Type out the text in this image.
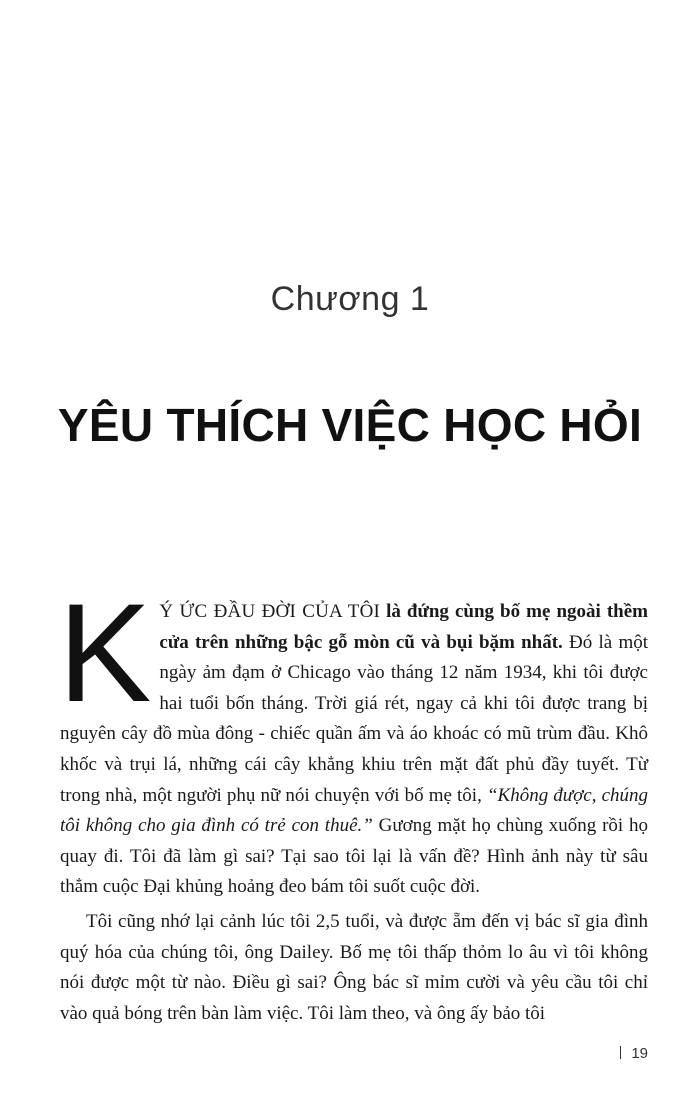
Chương 1
YÊU THÍCH VIỆC HỌC HỎI

K Ý ỨC ĐẦU ĐỜI CỦA TÔI là đứng cùng bố mẹ ngoài thềm cửa trên những bậc gỗ mòn cũ và bụi bặm nhất. Đó là một ngày ảm đạm ở Chicago vào tháng 12 năm 1934, khi tôi được hai tuổi bốn tháng. Trời giá rét, ngay cả khi tôi được trang bị nguyên cây đồ mùa đông - chiếc quần ấm và áo khoác có mũ trùm đầu. Khô khốc và trụi lá, những cái cây khẳng khiu trên mặt đất phủ đầy tuyết. Từ trong nhà, một người phụ nữ nói chuyện với bố mẹ tôi, “Không được, chúng tôi không cho gia đình có trẻ con thuê.” Gương mặt họ chùng xuống rồi họ quay đi. Tôi đã làm gì sai? Tại sao tôi lại là vấn đề? Hình ảnh này từ sâu thẳm cuộc Đại khủng hoảng đeo bám tôi suốt cuộc đời.

Tôi cũng nhớ lại cảnh lúc tôi 2,5 tuổi, và được ẵm đến vị bác sĩ gia đình quý hóa của chúng tôi, ông Dailey. Bố mẹ tôi thấp thỏm lo âu vì tôi không nói được một từ nào. Điều gì sai? Ông bác sĩ mỉm cười và yêu cầu tôi chỉ vào quả bóng trên bàn làm việc. Tôi làm theo, và ông ấy bảo tôi

19
